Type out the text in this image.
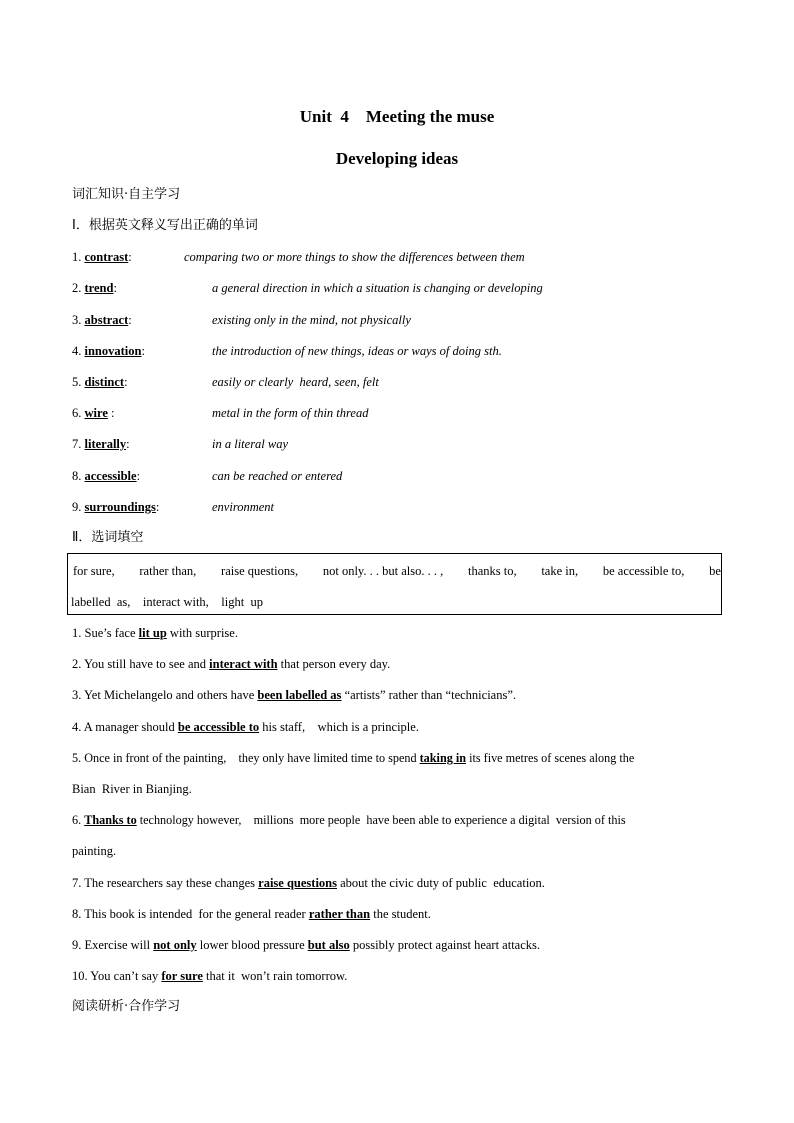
Unit  4    Meeting the muse
Developing ideas
词汇知识·自主学习
Ⅰ．根据英文释义写出正确的单词
1. contrast:	comparing two or more things to show the differences between them
2. trend:	a general direction in which a situation is changing or developing
3. abstract:	existing only in the mind, not physically
4. innovation:	the introduction of new things, ideas or ways of doing sth.
5. distinct:	easily or clearly  heard, seen, felt
6. wire :	metal in the form of thin thread
7. literally:	in a literal way
8. accessible:	can be reached or entered
9. surroundings:	environment
Ⅱ．选词填空
for sure, rather than, raise questions, not only. . . but also. . . , thanks to, take in, be accessible to, be
labelled  as,    interact with,    light  up
1. Sue’s face lit up with surprise.
2. You still have to see and interact with that person every day.
3. Yet Michelangelo and others have been labelled as “artists” rather than “technicians”.
4. A manager should be accessible to his staff,    which is a principle.
5. Once in front of the painting,    they only have limited time to spend taking in its five metres of scenes along the
Bian  River in Bianjing.
6. Thanks to technology however,    millions  more people  have been able to experience a digital  version of this
painting.
7. The researchers say these changes raise questions about the civic duty of public  education.
8. This book is intended  for the general reader rather than the student.
9. Exercise will not only lower blood pressure but also possibly protect against heart attacks.
10. You can’t say for sure that it  won’t rain tomorrow.
阅读研析·合作学习
